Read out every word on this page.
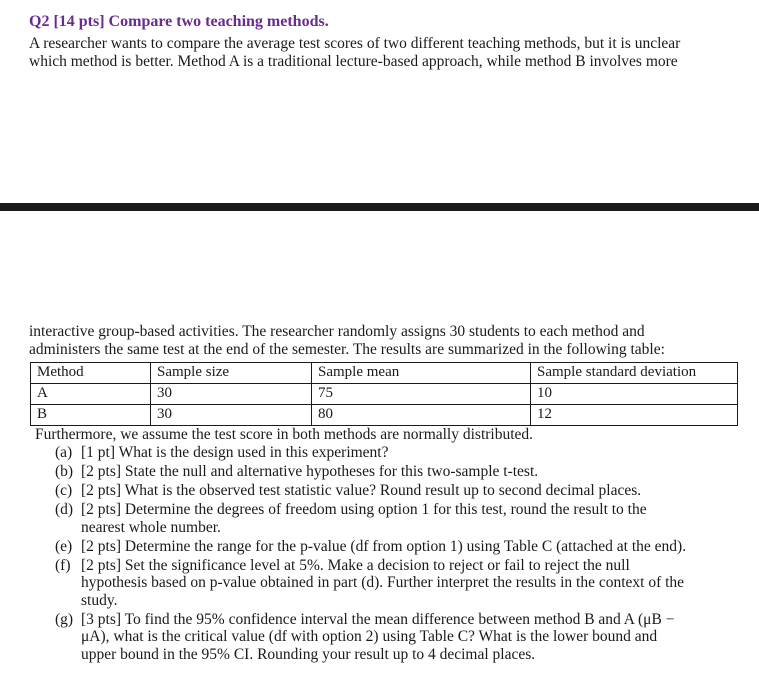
Q2 [14 pts] Compare two teaching methods.
A researcher wants to compare the average test scores of two different teaching methods, but it is unclear
which method is better. Method A is a traditional lecture-based approach, while method B involves more
interactive group-based activities. The researcher randomly assigns 30 students to each method and
administers the same test at the end of the semester. The results are summarized in the following table:
Method	Sample size	Sample mean	Sample standard deviation
A	30	75	10
B	30	80	12
Furthermore, we assume the test score in both methods are normally distributed.
(a) [1 pt] What is the design used in this experiment?
(b) [2 pts] State the null and alternative hypotheses for this two-sample t-test.
(c) [2 pts] What is the observed test statistic value? Round result up to second decimal places.
(d) [2 pts] Determine the degrees of freedom using option 1 for this test, round the result to the
nearest whole number.
(e) [2 pts] Determine the range for the p-value (df from option 1) using Table C (attached at the end).
(f) [2 pts] Set the significance level at 5%. Make a decision to reject or fail to reject the null
hypothesis based on p-value obtained in part (d). Further interpret the results in the context of the
study.
(g) [3 pts] To find the 95% confidence interval the mean difference between method B and A (μB −
μA), what is the critical value (df with option 2) using Table C? What is the lower bound and
upper bound in the 95% CI. Rounding your result up to 4 decimal places.
